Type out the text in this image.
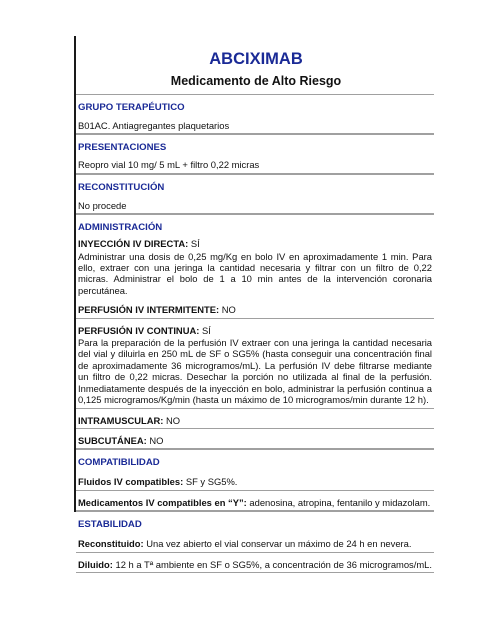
ABCIXIMAB
Medicamento de Alto Riesgo
GRUPO TERAPÉUTICO
B01AC. Antiagregantes plaquetarios
PRESENTACIONES
Reopro vial 10 mg/ 5 mL + filtro 0,22 micras
RECONSTITUCIÓN
No procede
ADMINISTRACIÓN
INYECCIÓN IV DIRECTA: SÍ
Administrar una dosis de 0,25 mg/Kg en bolo IV en aproximadamente 1 min. Para ello, extraer con una jeringa la cantidad necesaria y filtrar con un filtro de 0,22 micras. Administrar el bolo de 1 a 10 min antes de la intervención coronaria percutánea.
PERFUSIÓN IV INTERMITENTE: NO
PERFUSIÓN IV CONTINUA: SÍ
Para la preparación de la perfusión IV extraer con una jeringa la cantidad necesaria del vial y diluirla en 250 mL de SF o SG5% (hasta conseguir una concentración final de aproximadamente 36 microgramos/mL). La perfusión IV debe filtrarse mediante un filtro de 0,22 micras. Desechar la porción no utilizada al final de la perfusión. Inmediatamente después de la inyección en bolo, administrar la perfusión continua a 0,125 microgramos/Kg/min (hasta un máximo de 10 microgramos/min durante 12 h).
INTRAMUSCULAR: NO
SUBCUTÁNEA: NO
COMPATIBILIDAD
Fluidos IV compatibles: SF y SG5%.
Medicamentos IV compatibles en “Y”: adenosina, atropina, fentanilo y midazolam.
ESTABILIDAD
Reconstituido: Una vez abierto el vial conservar un máximo de 24 h en nevera.
Diluido: 12 h a Tª ambiente en SF o SG5%, a concentración de 36 microgramos/mL.
